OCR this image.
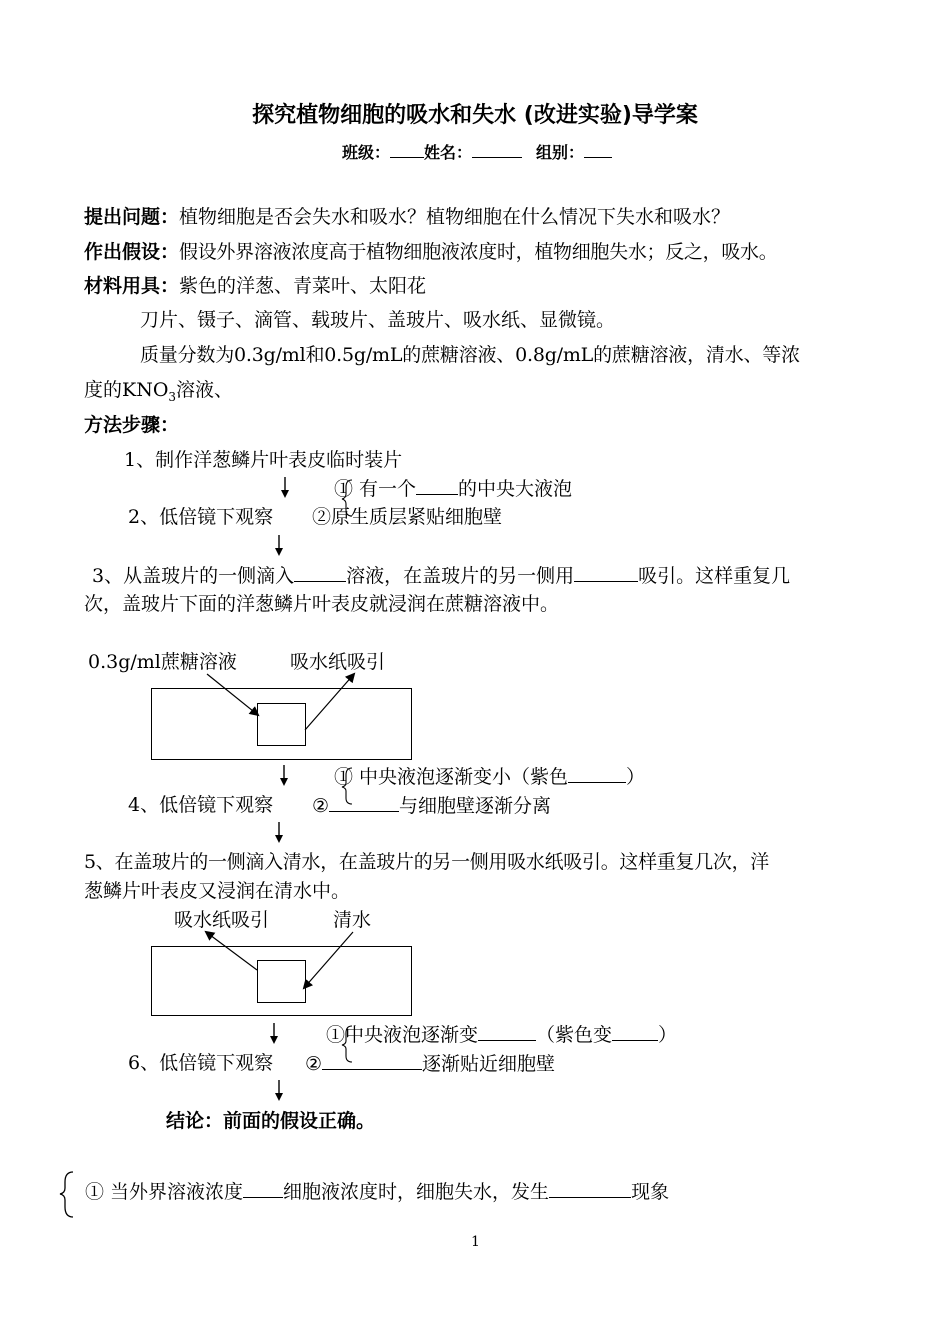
探究植物细胞的吸水和失水 (改进实验)导学案
班级： 姓名：	组别：
提出问题：植物细胞是否会失水和吸水？植物细胞在什么情况下失水和吸水？
作出假设：假设外界溶液浓度高于植物细胞液浓度时，植物细胞失水；反之，吸水。
材料用具：紫色的洋葱、青菜叶、太阳花
刀片、镊子、滴管、载玻片、盖玻片、吸水纸、显微镜。
质量分数为0.3g/ml和0.5g/mL的蔗糖溶液、0.8g/mL的蔗糖溶液，清水、等浓
度的$KNO_3$溶液、
方法步骤：
1、制作洋葱鳞片叶表皮临时装片
① 有一个 的中央大液泡
2、低倍镜下观察 ②原生质层紧贴细胞壁
3、从盖玻片的一侧滴入	溶液，在盖玻片的另一侧用	吸引。这样重复几
次，盖玻片下面的洋葱鳞片叶表皮就浸润在蔗糖溶液中。
0.3g/ml蔗糖溶液	吸水纸吸引
① 中央液泡逐渐变小（紫色	）
4、低倍镜下观察 ②	与细胞壁逐渐分离
5、在盖玻片的一侧滴入清水，在盖玻片的另一侧用吸水纸吸引。这样重复几次，洋
葱鳞片叶表皮又浸润在清水中。
吸水纸吸引	清水
①中央液泡逐渐变	（紫色变 ）
6、低倍镜下观察 ②	逐渐贴近细胞壁
结论：前面的假设正确。
① 当外界溶液浓度 细胞液浓度时，细胞失水，发生	现象
1
